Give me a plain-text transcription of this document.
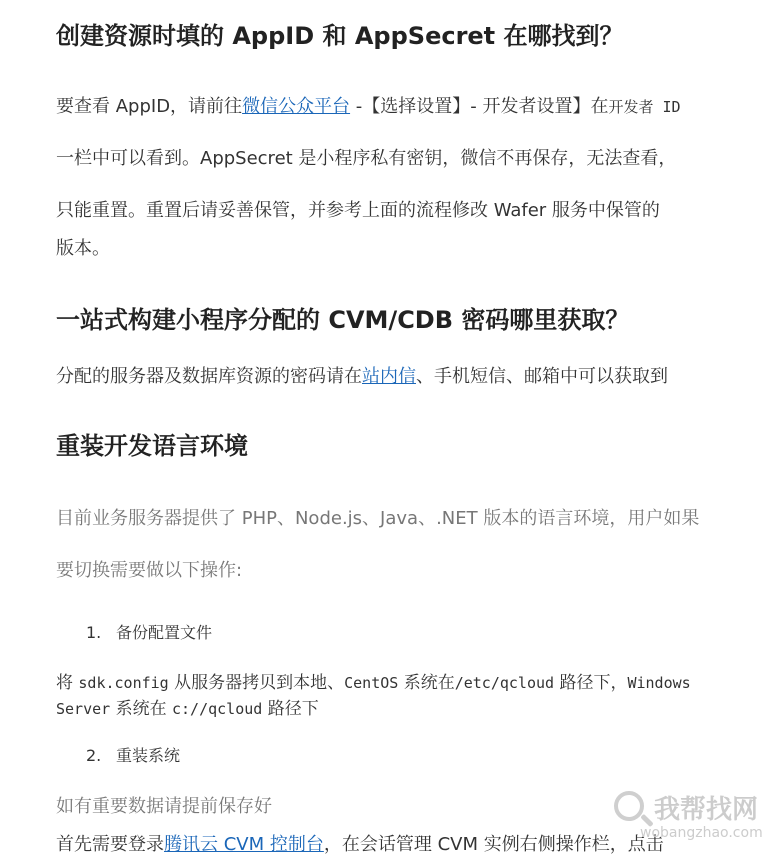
创建资源时填的 AppID 和 AppSecret 在哪找到？
要查看 AppID，请前往微信公众平台 -【选择设置】- 开发者设置】在开发者 ID
一栏中可以看到。AppSecret 是小程序私有密钥，微信不再保存，无法查看，
只能重置。重置后请妥善保管，并参考上面的流程修改 Wafer 服务中保管的
版本。
一站式构建小程序分配的 CVM/CDB 密码哪里获取？
分配的服务器及数据库资源的密码请在站内信、手机短信、邮箱中可以获取到
重装开发语言环境
目前业务服务器提供了 PHP、Node.js、Java、.NET 版本的语言环境，用户如果
要切换需要做以下操作:
1. 备份配置文件
将 sdk.config 从服务器拷贝到本地、CentOS 系统在/etc/qcloud 路径下，Windows
Server 系统在 c://qcloud 路径下
2. 重装系统
如有重要数据请提前保存好
首先需要登录腾讯云 CVM 控制台，在会话管理 CVM 实例右侧操作栏，点击
我帮找网
wobangzhao.com
